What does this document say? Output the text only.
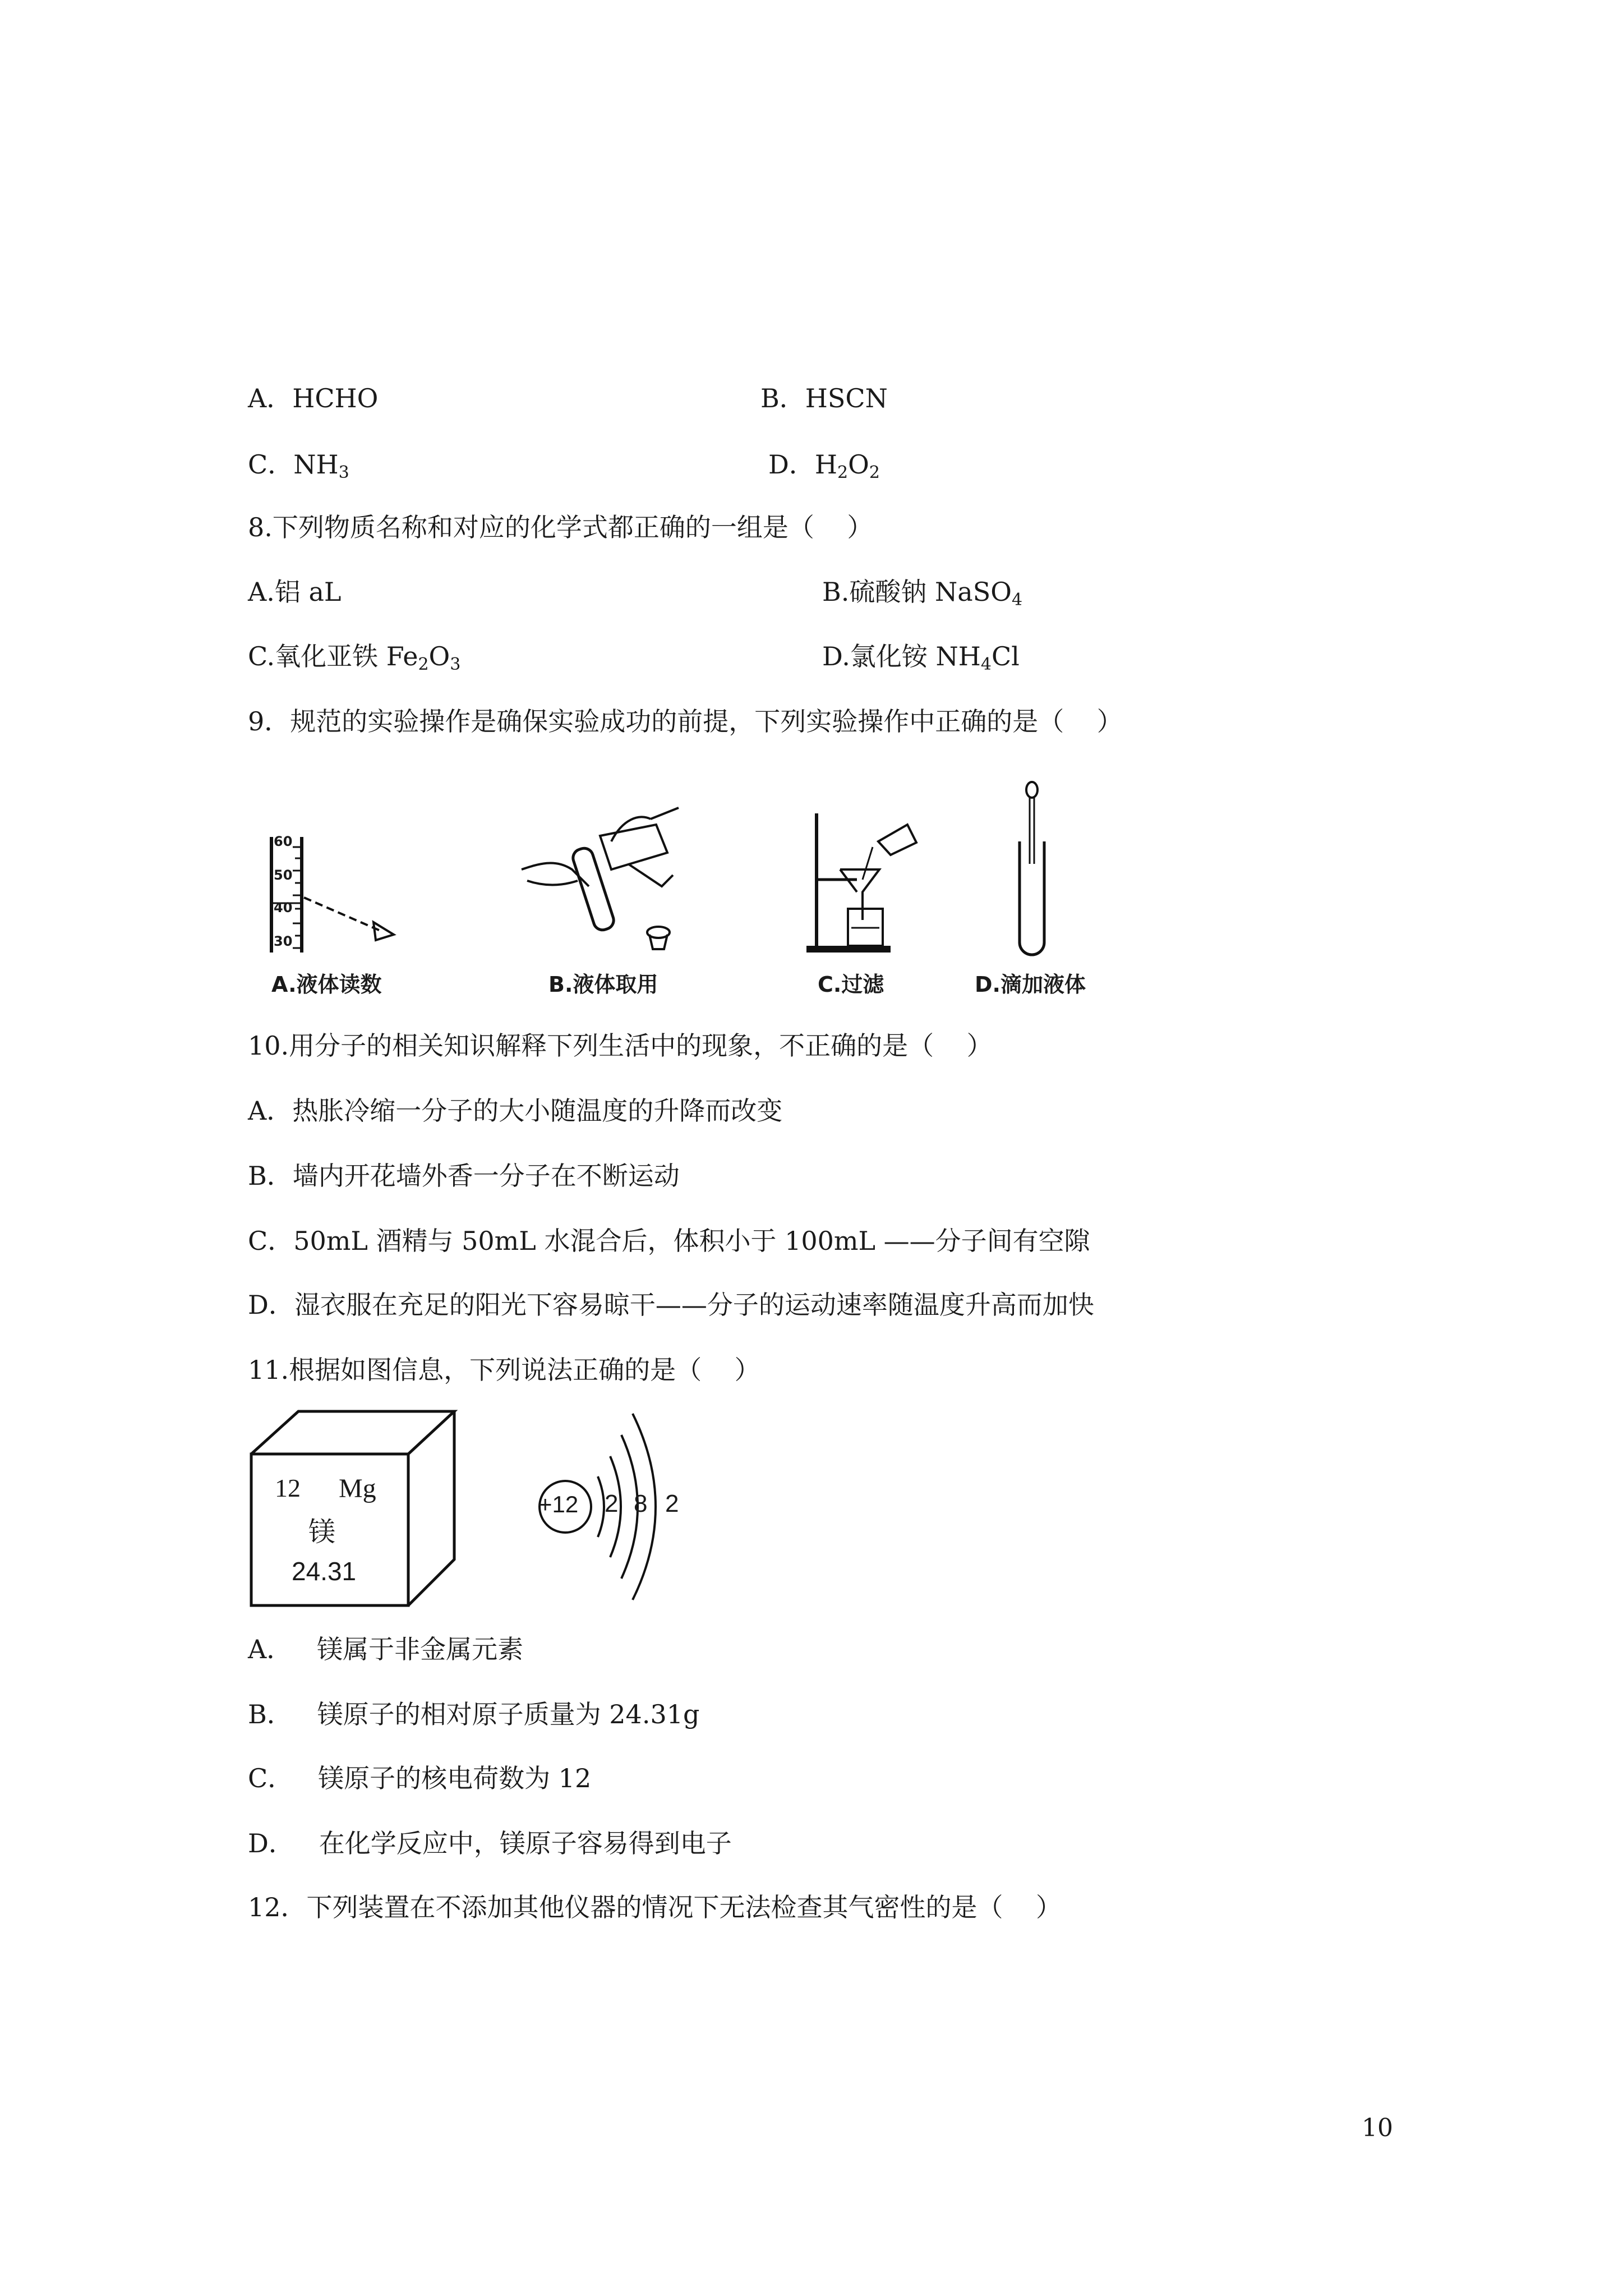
A．HCHO	B．HSCN
C．$NH_3$	D．$H_2O_2$
8.下列物质名称和对应的化学式都正确的一组是（    ）
A.铝 aL	B.硫酸钠 NaSO$_4$
C.氧化亚铁 $Fe_2O_3$	D.氯化铵 $NH_4Cl$
9．规范的实验操作是确保实验成功的前提，下列实验操作中正确的是（    ）
60
50
40
30
A.液体读数	B.液体取用	C.过滤	D.滴加液体
10.用分子的相关知识解释下列生活中的现象，不正确的是（    ）
A．热胀冷缩一分子的大小随温度的升降而改变
B．墙内开花墙外香一分子在不断运动
C．50mL 酒精与 50mL 水混合后，体积小于 100mL ——分子间有空隙
D．湿衣服在充足的阳光下容易晾干——分子的运动速率随温度升高而加快
11.根据如图信息，下列说法正确的是（    ）
12 Mg
镁
24.31
+12 2 8 2
A．   镁属于非金属元素
B．   镁原子的相对原子质量为 24.31g
C．   镁原子的核电荷数为 12
D．   在化学反应中，镁原子容易得到电子
12．下列装置在不添加其他仪器的情况下无法检查其气密性的是（    ）
10
